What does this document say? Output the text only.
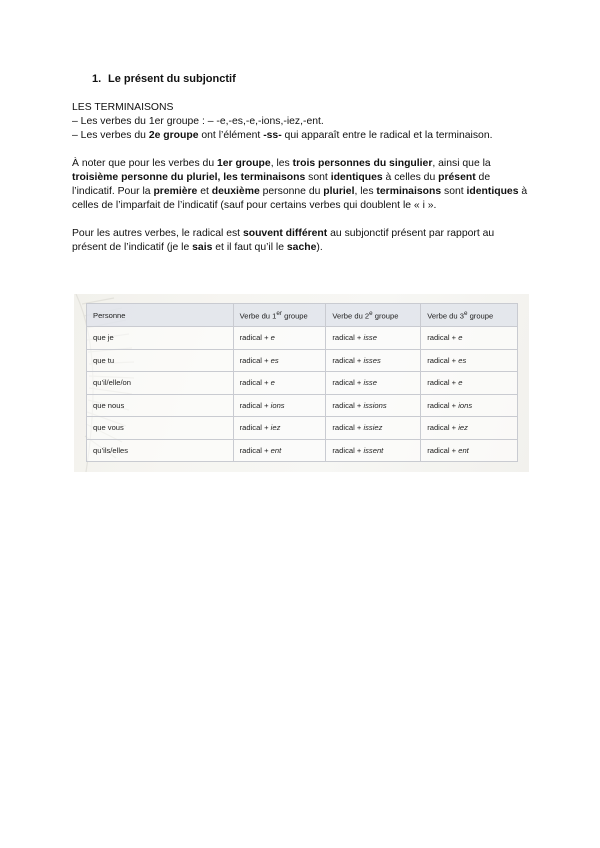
1. Le présent du subjonctif

LES TERMINAISONS

– Les verbes du 1er groupe : – -e,-es,-e,-ions,-iez,-ent.

– Les verbes du 2e groupe ont l’élément -ss- qui apparaît entre le radical et la terminaison.

À noter que pour les verbes du 1er groupe, les trois personnes du singulier, ainsi que la troisième personne du pluriel, les terminaisons sont identiques à celles du présent de l’indicatif. Pour la première et deuxième personne du pluriel, les terminaisons sont identiques à celles de l’imparfait de l’indicatif (sauf pour certains verbes qui doublent le « i ».

Pour les autres verbes, le radical est souvent différent au subjonctif présent par rapport au présent de l’indicatif (je le sais et il faut qu’il le sache).

Personne	Verbe du 1er groupe	Verbe du 2e groupe	Verbe du 3e groupe
que je	radical + e	radical + isse	radical + e
que tu	radical + es	radical + isses	radical + es
qu’il/elle/on	radical + e	radical + isse	radical + e
que nous	radical + ions	radical + issions	radical + ions
que vous	radical + iez	radical + issiez	radical + iez
qu’ils/elles	radical + ent	radical + issent	radical + ent
